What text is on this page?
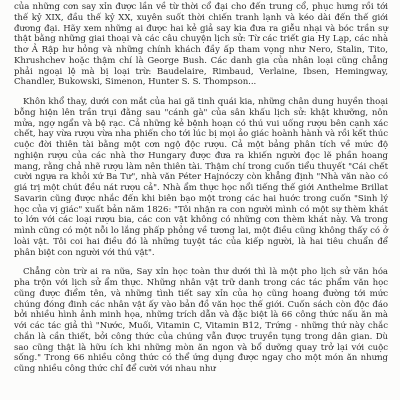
của những cơn say xỉn được lần về từ thời cổ đại cho đến trung cổ, phục hưng rồi tới thế kỷ XIX, đầu thế kỷ XX, xuyên suốt thời chiến tranh lạnh và kéo dài đến thế giới đương đại. Hãy xem những ai được hai kẻ giả say kia đưa ra giễu nhại và bóc trần sự thật bằng những giai thoại và các câu chuyện lịch sử: Từ các triết gia Hy Lạp, các nhà thơ Ả Rập hư hỏng và những chính khách đầy ấp tham vọng như Nero, Stalin, Tito, Khrushchev hoặc thậm chí là George Bush. Các danh gia của nhân loại cũng chẳng phải ngoại lệ mà bị loại trừ: Baudelaire, Rimbaud, Verlaine, Ibsen, Hemingway, Chandler, Bukowski, Simenon, Hunter S. S. Thompson...

Khôn khổ thay, dưới con mắt của hai gã tinh quái kia, những chân dung huyền thoại bỗng hiện lên trần trụi đằng sau "cánh gà" của sân khấu lịch sử: khật khưỡng, nôn mửa, ngợ ngẩn và bệ rạc. Cả những kẻ bệnh hoạn có thú vui uống rượu bên cạnh xác chết, hay vừa rượu vừa nha phiến cho tới lúc bị mọi ảo giác hoành hành và rồi kết thúc cuộc đời thiên tài bằng một cơn ngộ độc rượu. Cả một bảng phân tích về mức độ nghiện rượu của các nhà thơ Hungary được đưa ra khiến người đọc lẽ phần hoang mang, rằng chả nhẽ rượu làm nên thiên tài. Thậm chí trong cuốn tiểu thuyết "Cái chết cười ngựa ra khỏi xứ Ba Tư", nhà văn Péter Hajnóczy còn khẳng định "Nhà văn nào có giá trị một chút đều nát rượu cả". Nhà ẩm thực học nổi tiếng thế giới Anthelme Brillat Savarin cũng được nhắc đến khi biên bạo một trong các hai huớc trong cuốn "Sinh lý học của vị giác" xuất bản năm 1826: "Tôi nhận ra con người mình có một sự thèm khát to lớn với các loại rượu bia, các con vật không có những cơn thèm khát này. Và trong mình cũng có một nỗi lo lắng phấp phỏng về tương lai, một điều cũng không thấy có ở loài vật. Tôi coi hai điều đó là những tuyệt tác của kiếp người, là hai tiêu chuẩn để phân biệt con người với thú vật".

Chẳng còn trừ ai ra nữa, Say xỉn học toàn thư dưới thì là một pho lịch sử văn hóa pha trộn với lịch sử ẩm thực. Những nhân vật trữ danh trong các tác phẩm văn học cũng được điểm tên, và những tình tiết say xỉn của họ cũng hoang đường tới mức chúng đóng đinh các nhân vật ấy vào bản đồ văn học thế giới. Cuốn sách còn độc đáo bởi nhiều hình ảnh minh họa, những trích dẫn và đặc biệt là 66 công thức nấu ăn mà với các tác giả thì "Nước, Muối, Vitamin C, Vitamin B12, Trứng - những thứ này chắc chắn là cần thiết, bởi công thức của chúng vẫn được truyền tụng trong dân gian. Dù sao cũng thật là hữu ích khi những mòn ăn ngon và bổ dưỡng quay trở lại với cuộc sống." Trong 66 nhiều công thức có thể ứng dụng được ngay cho một món ăn nhưng cũng nhiều công thức chỉ để cười với nhau như
